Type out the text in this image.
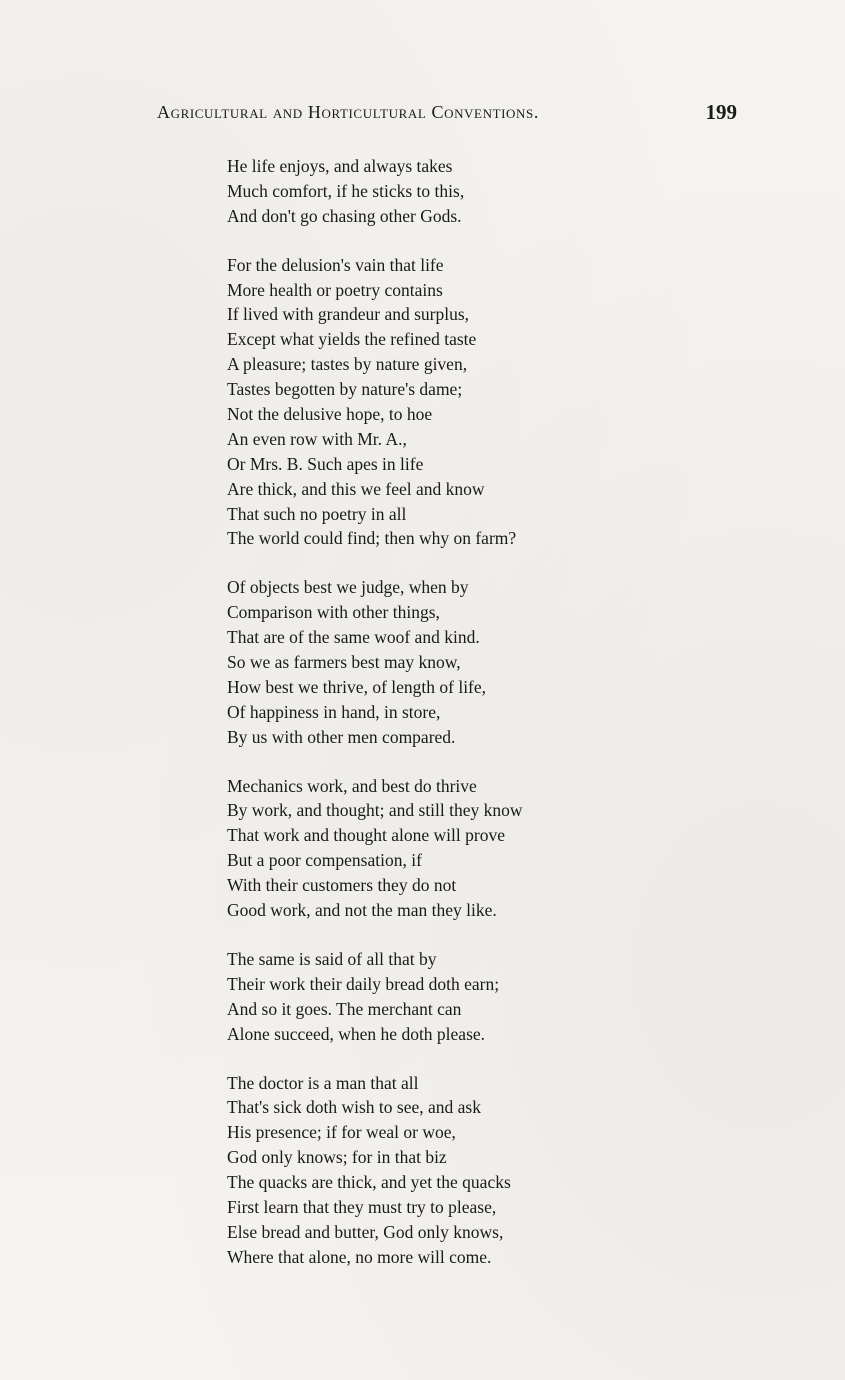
Agricultural and Horticultural Conventions.	199
He life enjoys, and always takes
Much comfort, if he sticks to this,
And don't go chasing other Gods.
For the delusion's vain that life
More health or poetry contains
If lived with grandeur and surplus,
Except what yields the refined taste
A pleasure; tastes by nature given,
Tastes begotten by nature's dame;
Not the delusive hope, to hoe
An even row with Mr. A.,
Or Mrs. B. Such apes in life
Are thick, and this we feel and know
That such no poetry in all
The world could find; then why on farm?
Of objects best we judge, when by
Comparison with other things,
That are of the same woof and kind.
So we as farmers best may know,
How best we thrive, of length of life,
Of happiness in hand, in store,
By us with other men compared.
Mechanics work, and best do thrive
By work, and thought; and still they know
That work and thought alone will prove
But a poor compensation, if
With their customers they do not
Good work, and not the man they like.
The same is said of all that by
Their work their daily bread doth earn;
And so it goes. The merchant can
Alone succeed, when he doth please.
The doctor is a man that all
That's sick doth wish to see, and ask
His presence; if for weal or woe,
God only knows; for in that biz
The quacks are thick, and yet the quacks
First learn that they must try to please,
Else bread and butter, God only knows,
Where that alone, no more will come.
